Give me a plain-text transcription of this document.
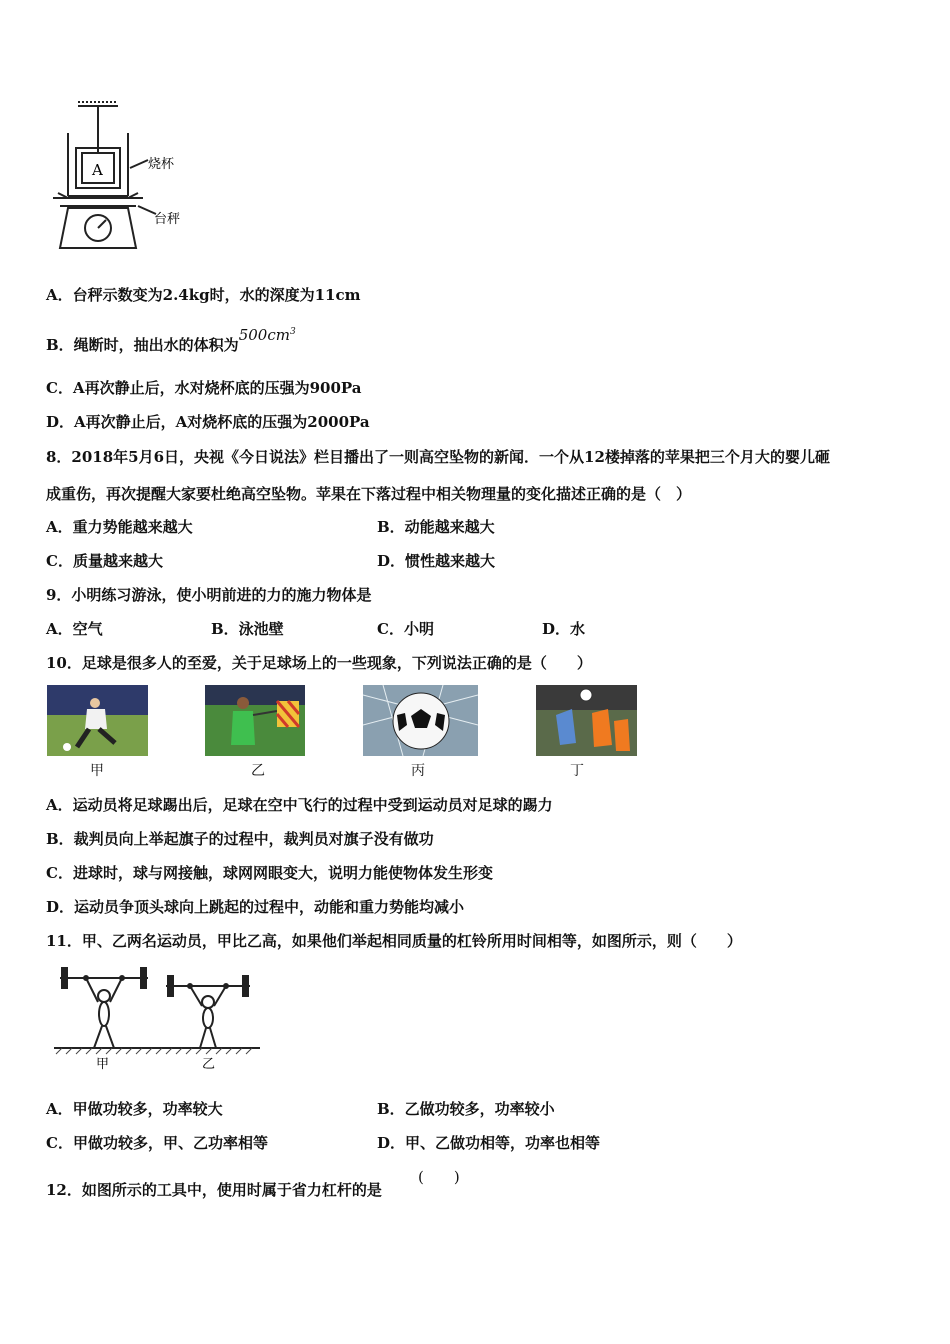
A	烧杯
台秤
A．台秤示数变为2.4kg时，水的深度为11cm
B．绳断时，抽出水的体积为$500cm^3$
C．A再次静止后，水对烧杯底的压强为900Pa
D．A再次静止后，A对烧杯底的压强为2000Pa
8．2018年5月6日，央视《今日说法》栏目播出了一则高空坠物的新闻．一个从12楼掉落的苹果把三个月大的婴儿砸
成重伤，再次提醒大家要杜绝高空坠物。苹果在下落过程中相关物理量的变化描述正确的是（　）
A．重力势能越来越大	B．动能越来越大
C．质量越来越大	D．惯性越来越大
9．小明练习游泳，使小明前进的力的施力物体是
A．空气	B．泳池壁	C．小明	D．水
10．足球是很多人的至爱，关于足球场上的一些现象，下列说法正确的是（　　）
甲	乙	丙	丁
A．运动员将足球踢出后，足球在空中飞行的过程中受到运动员对足球的踢力
B．裁判员向上举起旗子的过程中，裁判员对旗子没有做功
C．进球时，球与网接触，球网网眼变大，说明力能使物体发生形变
D．运动员争顶头球向上跳起的过程中，动能和重力势能均减小
11．甲、乙两名运动员，甲比乙高，如果他们举起相同质量的杠铃所用时间相等，如图所示，则（　　）
甲	乙
A．甲做功较多，功率较大	B．乙做功较多，功率较小
C．甲做功较多，甲、乙功率相等	D．甲、乙做功相等，功率也相等
12．如图所示的工具中，使用时属于省力杠杆的是
(　　)
